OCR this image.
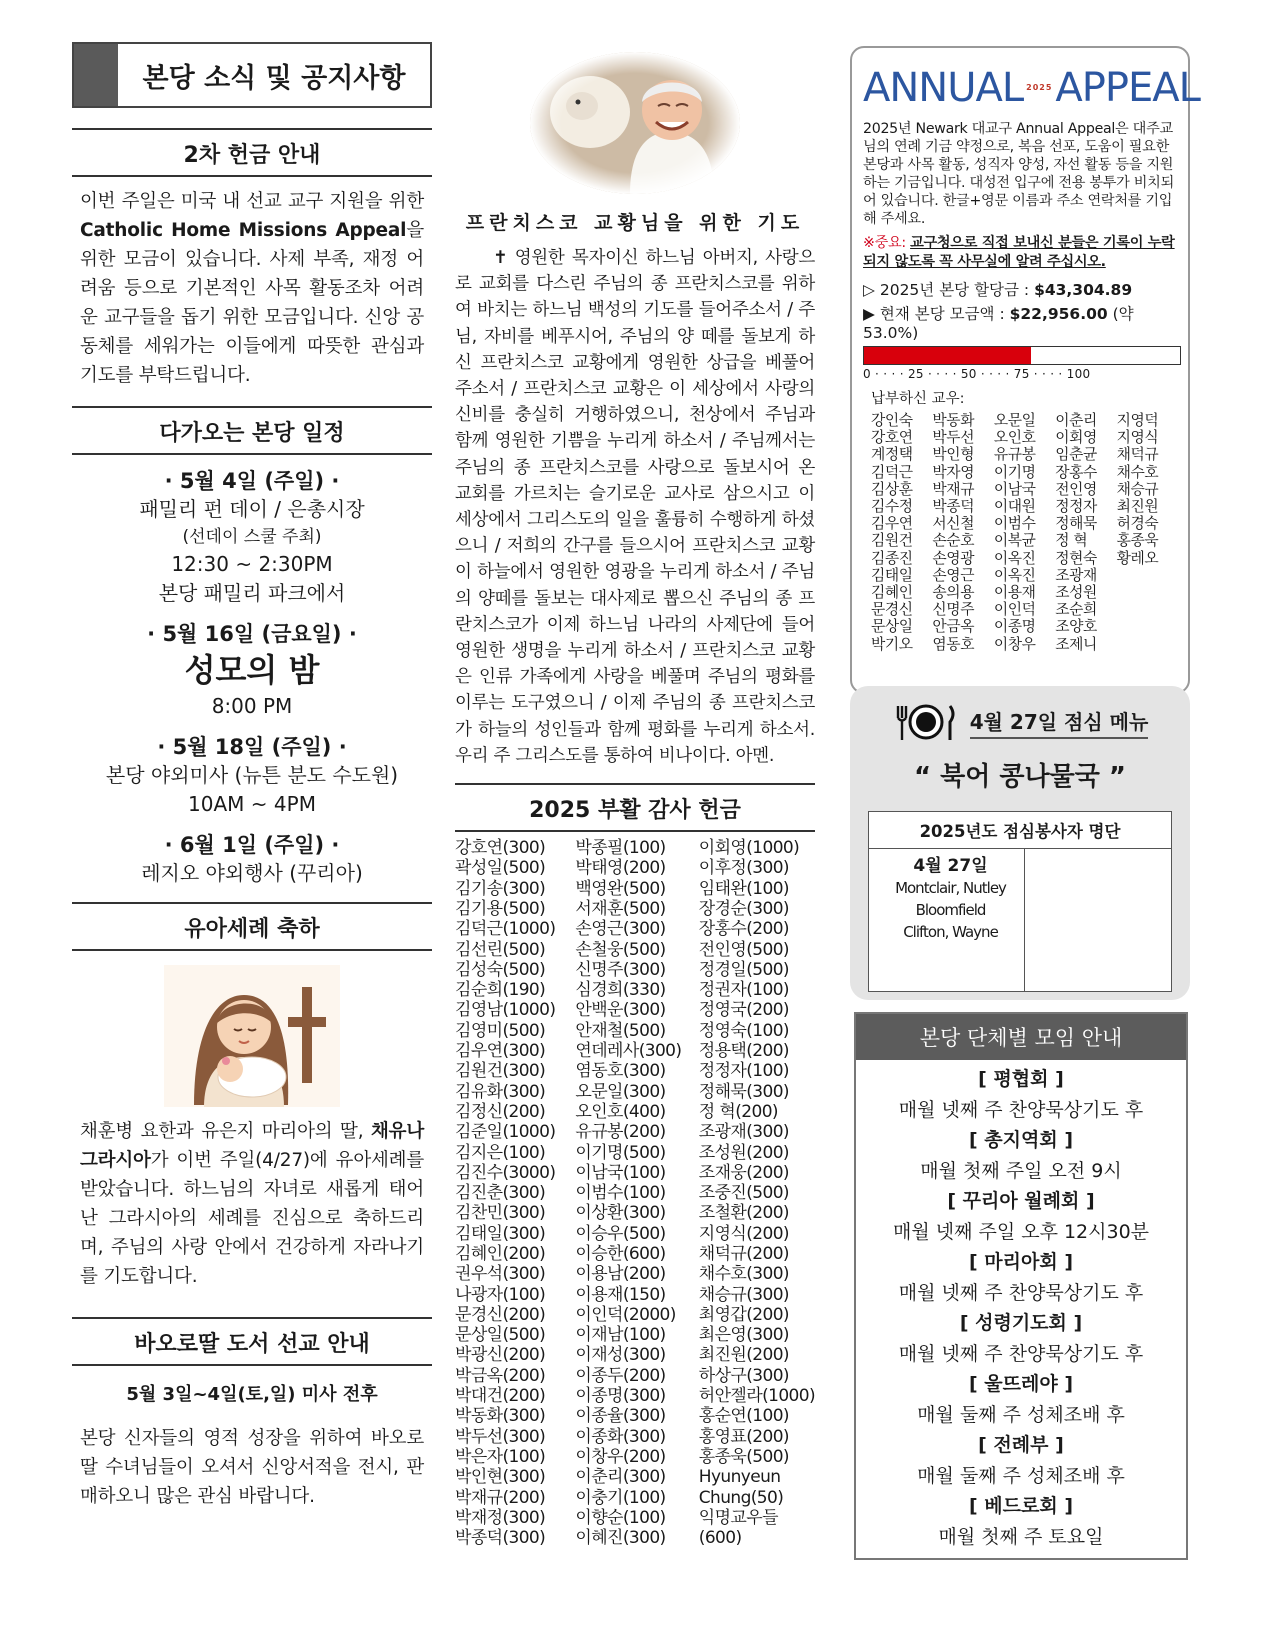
본당 소식 및 공지사항
2차 헌금 안내

이번 주일은 미국 내 선교 교구 지원을 위한 Catholic Home Missions Appeal을 위한 모금이 있습니다. 사제 부족, 재정 어려움 등으로 기본적인 사목 활동조차 어려운 교구들을 돕기 위한 모금입니다. 신앙 공동체를 세워가는 이들에게 따뜻한 관심과 기도를 부탁드립니다.

다가오는 본당 일정
· 5월 4일 (주일) ·
패밀리 펀 데이 / 은총시장
(선데이 스쿨 주최)
12:30 ~ 2:30PM
본당 패밀리 파크에서
· 5월 16일 (금요일) ·
성모의 밤
8:00 PM
· 5월 18일 (주일) ·
본당 야외미사 (뉴튼 분도 수도원)
10AM ~ 4PM
· 6월 1일 (주일) ·
레지오 야외행사 (꾸리아)
유아세례 축하

채훈병 요한과 유은지 마리아의 딸, 채유나 그라시아가 이번 주일(4/27)에 유아세례를 받았습니다. 하느님의 자녀로 새롭게 태어난 그라시아의 세례를 진심으로 축하드리며, 주님의 사랑 안에서 건강하게 자라나기를 기도합니다.

바오로딸 도서 선교 안내
5월 3일~4일(토,일) 미사 전후

본당 신자들의 영적 성장을 위하여 바오로딸 수녀님들이 오셔서 신앙서적을 전시, 판매하오니 많은 관심 바랍니다.

프란치스코 교황님을 위한 기도

✝ 영원한 목자이신 하느님 아버지, 사랑으로 교회를 다스린 주님의 종 프란치스코를 위하여 바치는 하느님 백성의 기도를 들어주소서 / 주님, 자비를 베푸시어, 주님의 양 떼를 돌보게 하신 프란치스코 교황에게 영원한 상급을 베풀어 주소서 / 프란치스코 교황은 이 세상에서 사랑의 신비를 충실히 거행하였으니, 천상에서 주님과 함께 영원한 기쁨을 누리게 하소서 / 주님께서는 주님의 종 프란치스코를 사랑으로 돌보시어 온 교회를 가르치는 슬기로운 교사로 삼으시고 이 세상에서 그리스도의 일을 훌륭히 수행하게 하셨으니 / 저희의 간구를 들으시어 프란치스코 교황이 하늘에서 영원한 영광을 누리게 하소서 / 주님의 양떼를 돌보는 대사제로 뽑으신 주님의 종 프란치스코가 이제 하느님 나라의 사제단에 들어 영원한 생명을 누리게 하소서 / 프란치스코 교황은 인류 가족에게 사랑을 베풀며 주님의 평화를 이루는 도구였으니 / 이제 주님의 종 프란치스코가 하늘의 성인들과 함께 평화를 누리게 하소서. 우리 주 그리스도를 통하여 비나이다. 아멘.

2025 부활 감사 헌금
강호연(300)
곽성일(500)
김기송(300)
김기용(500)
김덕근(1000)
김선린(500)
김성숙(500)
김순희(190)
김영남(1000)
김영미(500)
김우연(300)
김원건(300)
김유화(300)
김정신(200)
김준일(1000)
김지은(100)
김진수(3000)
김진춘(300)
김찬민(300)
김태일(300)
김혜인(200)
권우석(300)
나광자(100)
문경신(200)
문상일(500)
박광신(200)
박금옥(200)
박대건(200)
박동화(300)
박두선(300)
박은자(100)
박인현(300)
박재규(200)
박재정(300)
박종덕(300)
박종필(100)
박태영(200)
백영완(500)
서재훈(500)
손영근(300)
손철웅(500)
신명주(300)
심경희(330)
안백운(300)
안재철(500)
연데레사(300)
염동호(300)
오문일(300)
오인호(400)
유규봉(200)
이기명(500)
이남국(100)
이범수(100)
이상환(300)
이승우(500)
이승한(600)
이용남(200)
이용재(150)
이인덕(2000)
이재남(100)
이재성(300)
이종두(200)
이종명(300)
이종율(300)
이종화(300)
이창우(200)
이춘리(300)
이충기(100)
이향순(100)
이혜진(300)
이회영(1000)
이후정(300)
임태완(100)
장경순(300)
장홍수(200)
전인영(500)
정경일(500)
정권자(100)
정영국(200)
정영숙(100)
정용택(200)
정정자(100)
정해묵(300)
정 혁(200)
조광재(300)
조성원(200)
조재웅(200)
조중진(500)
조철환(200)
지영식(200)
채덕규(200)
채수호(300)
채승규(300)
최영갑(200)
최은영(300)
최진원(200)
하상구(300)
허안젤라(1000)
홍순연(100)
홍영표(200)
홍종욱(500)
Hyunyeun
Chung(50)
익명교우들
(600)
ANNUAL 2025 APPEAL

2025년 Newark 대교구 Annual Appeal은 대주교님의 연례 기금 약정으로, 복음 선포, 도움이 필요한 본당과 사목 활동, 성직자 양성, 자선 활동 등을 지원하는 기금입니다. 대성전 입구에 전용 봉투가 비치되어 있습니다. 한글+영문 이름과 주소 연락처를 기입해 주세요.

※중요: 교구청으로 직접 보내신 분들은 기록이 누락되지 않도록 꼭 사무실에 알려 주십시오.

▷ 2025년 본당 할당금 : $43,304.89
▶ 현재 본당 모금액 : $22,956.00 (약 53.0%)
0 · · · · 25 · · · · 50 · · · · 75 · · · · 100
납부하신 교우:
강인숙
강호연
계정택
김덕근
김상훈
김수정
김우연
김원건
김종진
김태일
김혜인
문경신
문상일
박기오
박동화
박두선
박인형
박자영
박재규
박종덕
서신철
손순호
손영광
손영근
송의용
신명주
안금옥
염동호
오문일
오인호
유규봉
이기명
이남국
이대원
이범수
이복균
이옥진
이옥진
이용재
이인덕
이종명
이창우
이춘리
이회영
임춘균
장홍수
전인영
정정자
정해묵
정 혁
정현숙
조광재
조성원
조순희
조양호
조제니
지영덕
지영식
채덕규
채수호
채승규
최진원
허경숙
홍종욱
황레오

4월 27일 점심 메뉴
“ 북어 콩나물국 ”
2025년도 점심봉사자 명단
4월 27일
Montclair, Nutley
Bloomfield
Clifton, Wayne
본당 단체별 모임 안내
[ 평협회 ]
매월 넷째 주 찬양묵상기도 후
[ 총지역회 ]
매월 첫째 주일 오전 9시
[ 꾸리아 월례회 ]
매월 넷째 주일 오후 12시30분
[ 마리아회 ]
매월 넷째 주 찬양묵상기도 후
[ 성령기도회 ]
매월 넷째 주 찬양묵상기도 후
[ 울뜨레야 ]
매월 둘째 주 성체조배 후
[ 전례부 ]
매월 둘째 주 성체조배 후
[ 베드로회 ]
매월 첫째 주 토요일
